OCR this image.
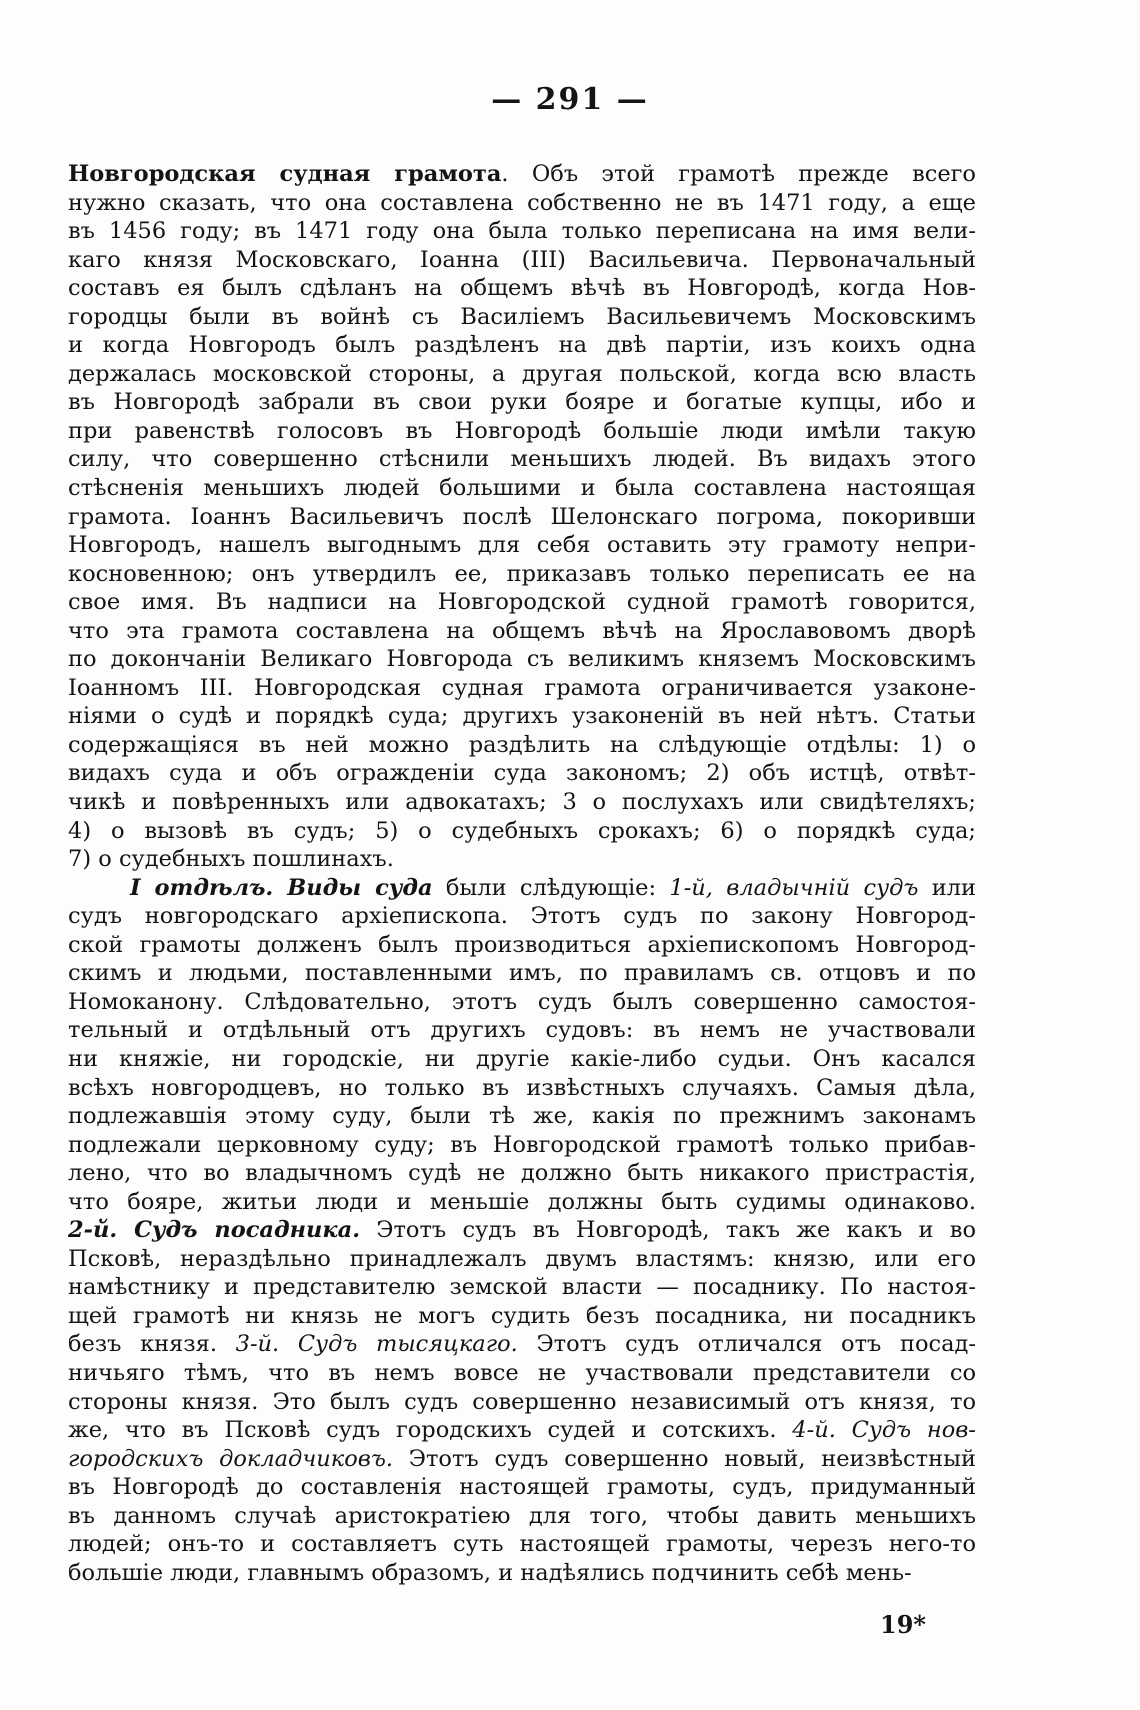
— 291 —
Новгородская судная грамота. Объ этой грамотѣ прежде всего
нужно сказать, что она составлена собственно не въ 1471 году, а еще
въ 1456 году; въ 1471 году она была только переписана на имя вели-
каго князя Московскаго, Іоанна (III) Васильевича. Первоначальный
составъ ея былъ сдѣланъ на общемъ вѣчѣ въ Новгородѣ, когда Нов-
городцы были въ войнѣ съ Василіемъ Васильевичемъ Московскимъ
и когда Новгородъ былъ раздѣленъ на двѣ партіи, изъ коихъ одна
держалась московской стороны, а другая польской, когда всю власть
въ Новгородѣ забрали въ свои руки бояре и богатые купцы, ибо и
при равенствѣ голосовъ въ Новгородѣ большіе люди имѣли такую
силу, что совершенно стѣснили меньшихъ людей. Въ видахъ этого
стѣсненія меньшихъ людей большими и была составлена настоящая
грамота. Іоаннъ Васильевичъ послѣ Шелонскаго погрома, покоривши
Новгородъ, нашелъ выгоднымъ для себя оставить эту грамоту непри-
косновенною; онъ утвердилъ ее, приказавъ только переписать ее на
свое имя. Въ надписи на Новгородской судной грамотѣ говорится,
что эта грамота составлена на общемъ вѣчѣ на Ярославовомъ дворѣ
по докончаніи Великаго Новгорода съ великимъ княземъ Московскимъ
Іоанномъ III. Новгородская судная грамота ограничивается узаконе-
ніями о судѣ и порядкѣ суда; другихъ узаконеній въ ней нѣтъ. Статьи
содержащіяся въ ней можно раздѣлить на слѣдующіе отдѣлы: 1) о
видахъ суда и объ огражденіи суда закономъ; 2) объ истцѣ, отвѣт-
чикѣ и повѣренныхъ или адвокатахъ; 3 о послухахъ или свидѣтеляхъ;
4) о вызовѣ въ судъ; 5) о судебныхъ срокахъ; 6) о порядкѣ суда;
7) о судебныхъ пошлинахъ.
I отдѣлъ. Виды суда были слѣдующіе: 1-й, владычній судъ или
судъ новгородскаго архіепископа. Этотъ судъ по закону Новгород-
ской грамоты долженъ былъ производиться архіепископомъ Новгород-
скимъ и людьми, поставленными имъ, по правиламъ св. отцовъ и по
Номоканону. Слѣдовательно, этотъ судъ былъ совершенно самостоя-
тельный и отдѣльный отъ другихъ судовъ: въ немъ не участвовали
ни княжіе, ни городскіе, ни другіе какіе-либо судьи. Онъ касался
всѣхъ новгородцевъ, но только въ извѣстныхъ случаяхъ. Самыя дѣла,
подлежавшія этому суду, были тѣ же, какія по прежнимъ законамъ
подлежали церковному суду; въ Новгородской грамотѣ только прибав-
лено, что во владычномъ судѣ не должно быть никакого пристрастія,
что бояре, житьи люди и меньшіе должны быть судимы одинаково.
2-й. Судъ посадника. Этотъ судъ въ Новгородѣ, такъ же какъ и во
Псковѣ, нераздѣльно принадлежалъ двумъ властямъ: князю, или его
намѣстнику и представителю земской власти — посаднику. По настоя-
щей грамотѣ ни князь не могъ судить безъ посадника, ни посадникъ
безъ князя. 3-й. Судъ тысяцкаго. Этотъ судъ отличался отъ посад-
ничьяго тѣмъ, что въ немъ вовсе не участвовали представители со
стороны князя. Это былъ судъ совершенно независимый отъ князя, то
же, что въ Псковѣ судъ городскихъ судей и сотскихъ. 4-й. Судъ нов-
городскихъ докладчиковъ. Этотъ судъ совершенно новый, неизвѣстный
въ Новгородѣ до составленія настоящей грамоты, судъ, придуманный
въ данномъ случаѣ аристократіею для того, чтобы давить меньшихъ
людей; онъ-то и составляетъ суть настоящей грамоты, черезъ него-то
большіе люди, главнымъ образомъ, и надѣялись подчинить себѣ мень-
19*
